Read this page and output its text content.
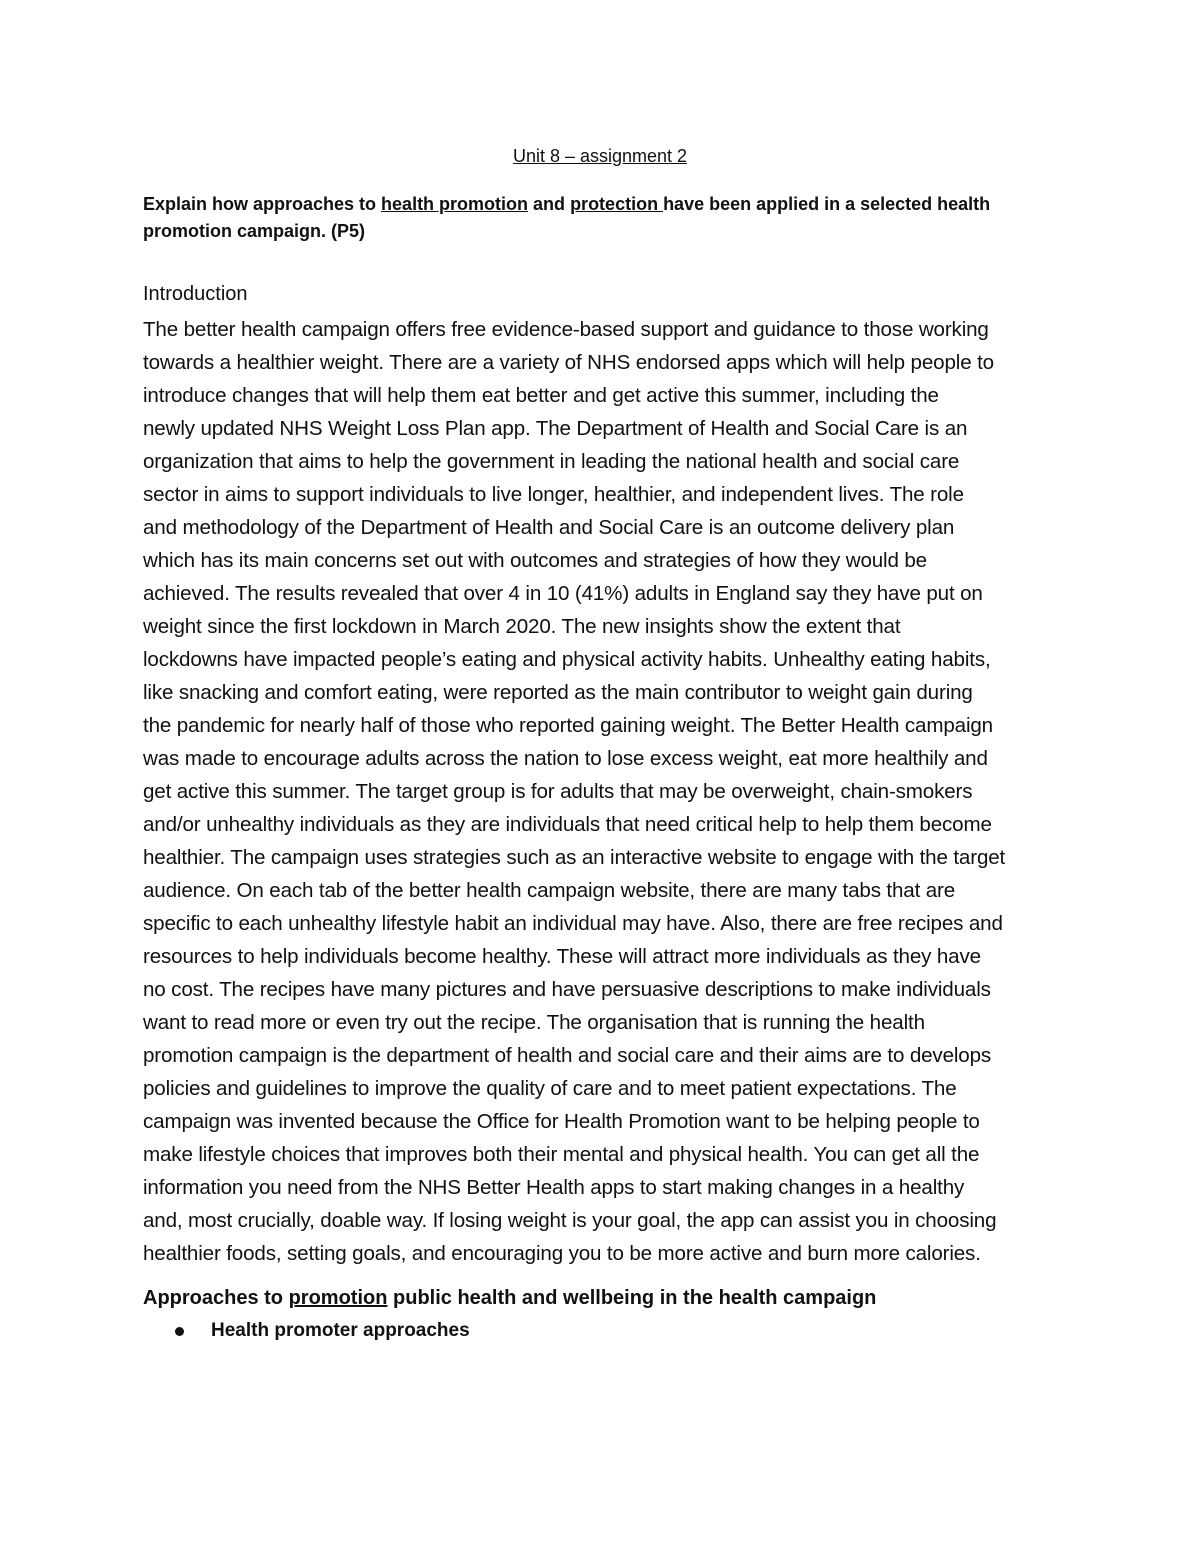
Unit 8 – assignment 2
Explain how approaches to health promotion and protection have been applied in a selected health promotion campaign. (P5)
Introduction
The better health campaign offers free evidence-based support and guidance to those working
towards a healthier weight. There are a variety of NHS endorsed apps which will help people to
introduce changes that will help them eat better and get active this summer, including the
newly updated NHS Weight Loss Plan app. The Department of Health and Social Care is an
organization that aims to help the government in leading the national health and social care
sector in aims to support individuals to live longer, healthier, and independent lives. The role
and methodology of the Department of Health and Social Care is an outcome delivery plan
which has its main concerns set out with outcomes and strategies of how they would be
achieved. The results revealed that over 4 in 10 (41%) adults in England say they have put on
weight since the first lockdown in March 2020. The new insights show the extent that
lockdowns have impacted people’s eating and physical activity habits. Unhealthy eating habits,
like snacking and comfort eating, were reported as the main contributor to weight gain during
the pandemic for nearly half of those who reported gaining weight. The Better Health campaign
was made to encourage adults across the nation to lose excess weight, eat more healthily and
get active this summer. The target group is for adults that may be overweight, chain-smokers
and/or unhealthy individuals as they are individuals that need critical help to help them become
healthier. The campaign uses strategies such as an interactive website to engage with the target
audience. On each tab of the better health campaign website, there are many tabs that are
specific to each unhealthy lifestyle habit an individual may have. Also, there are free recipes and
resources to help individuals become healthy. These will attract more individuals as they have
no cost. The recipes have many pictures and have persuasive descriptions to make individuals
want to read more or even try out the recipe. The organisation that is running the health
promotion campaign is the department of health and social care and their aims are to develops
policies and guidelines to improve the quality of care and to meet patient expectations. The
campaign was invented because the Office for Health Promotion want to be helping people to
make lifestyle choices that improves both their mental and physical health. You can get all the
information you need from the NHS Better Health apps to start making changes in a healthy
and, most crucially, doable way. If losing weight is your goal, the app can assist you in choosing
healthier foods, setting goals, and encouraging you to be more active and burn more calories.
Approaches to promotion public health and wellbeing in the health campaign
Health promoter approaches
